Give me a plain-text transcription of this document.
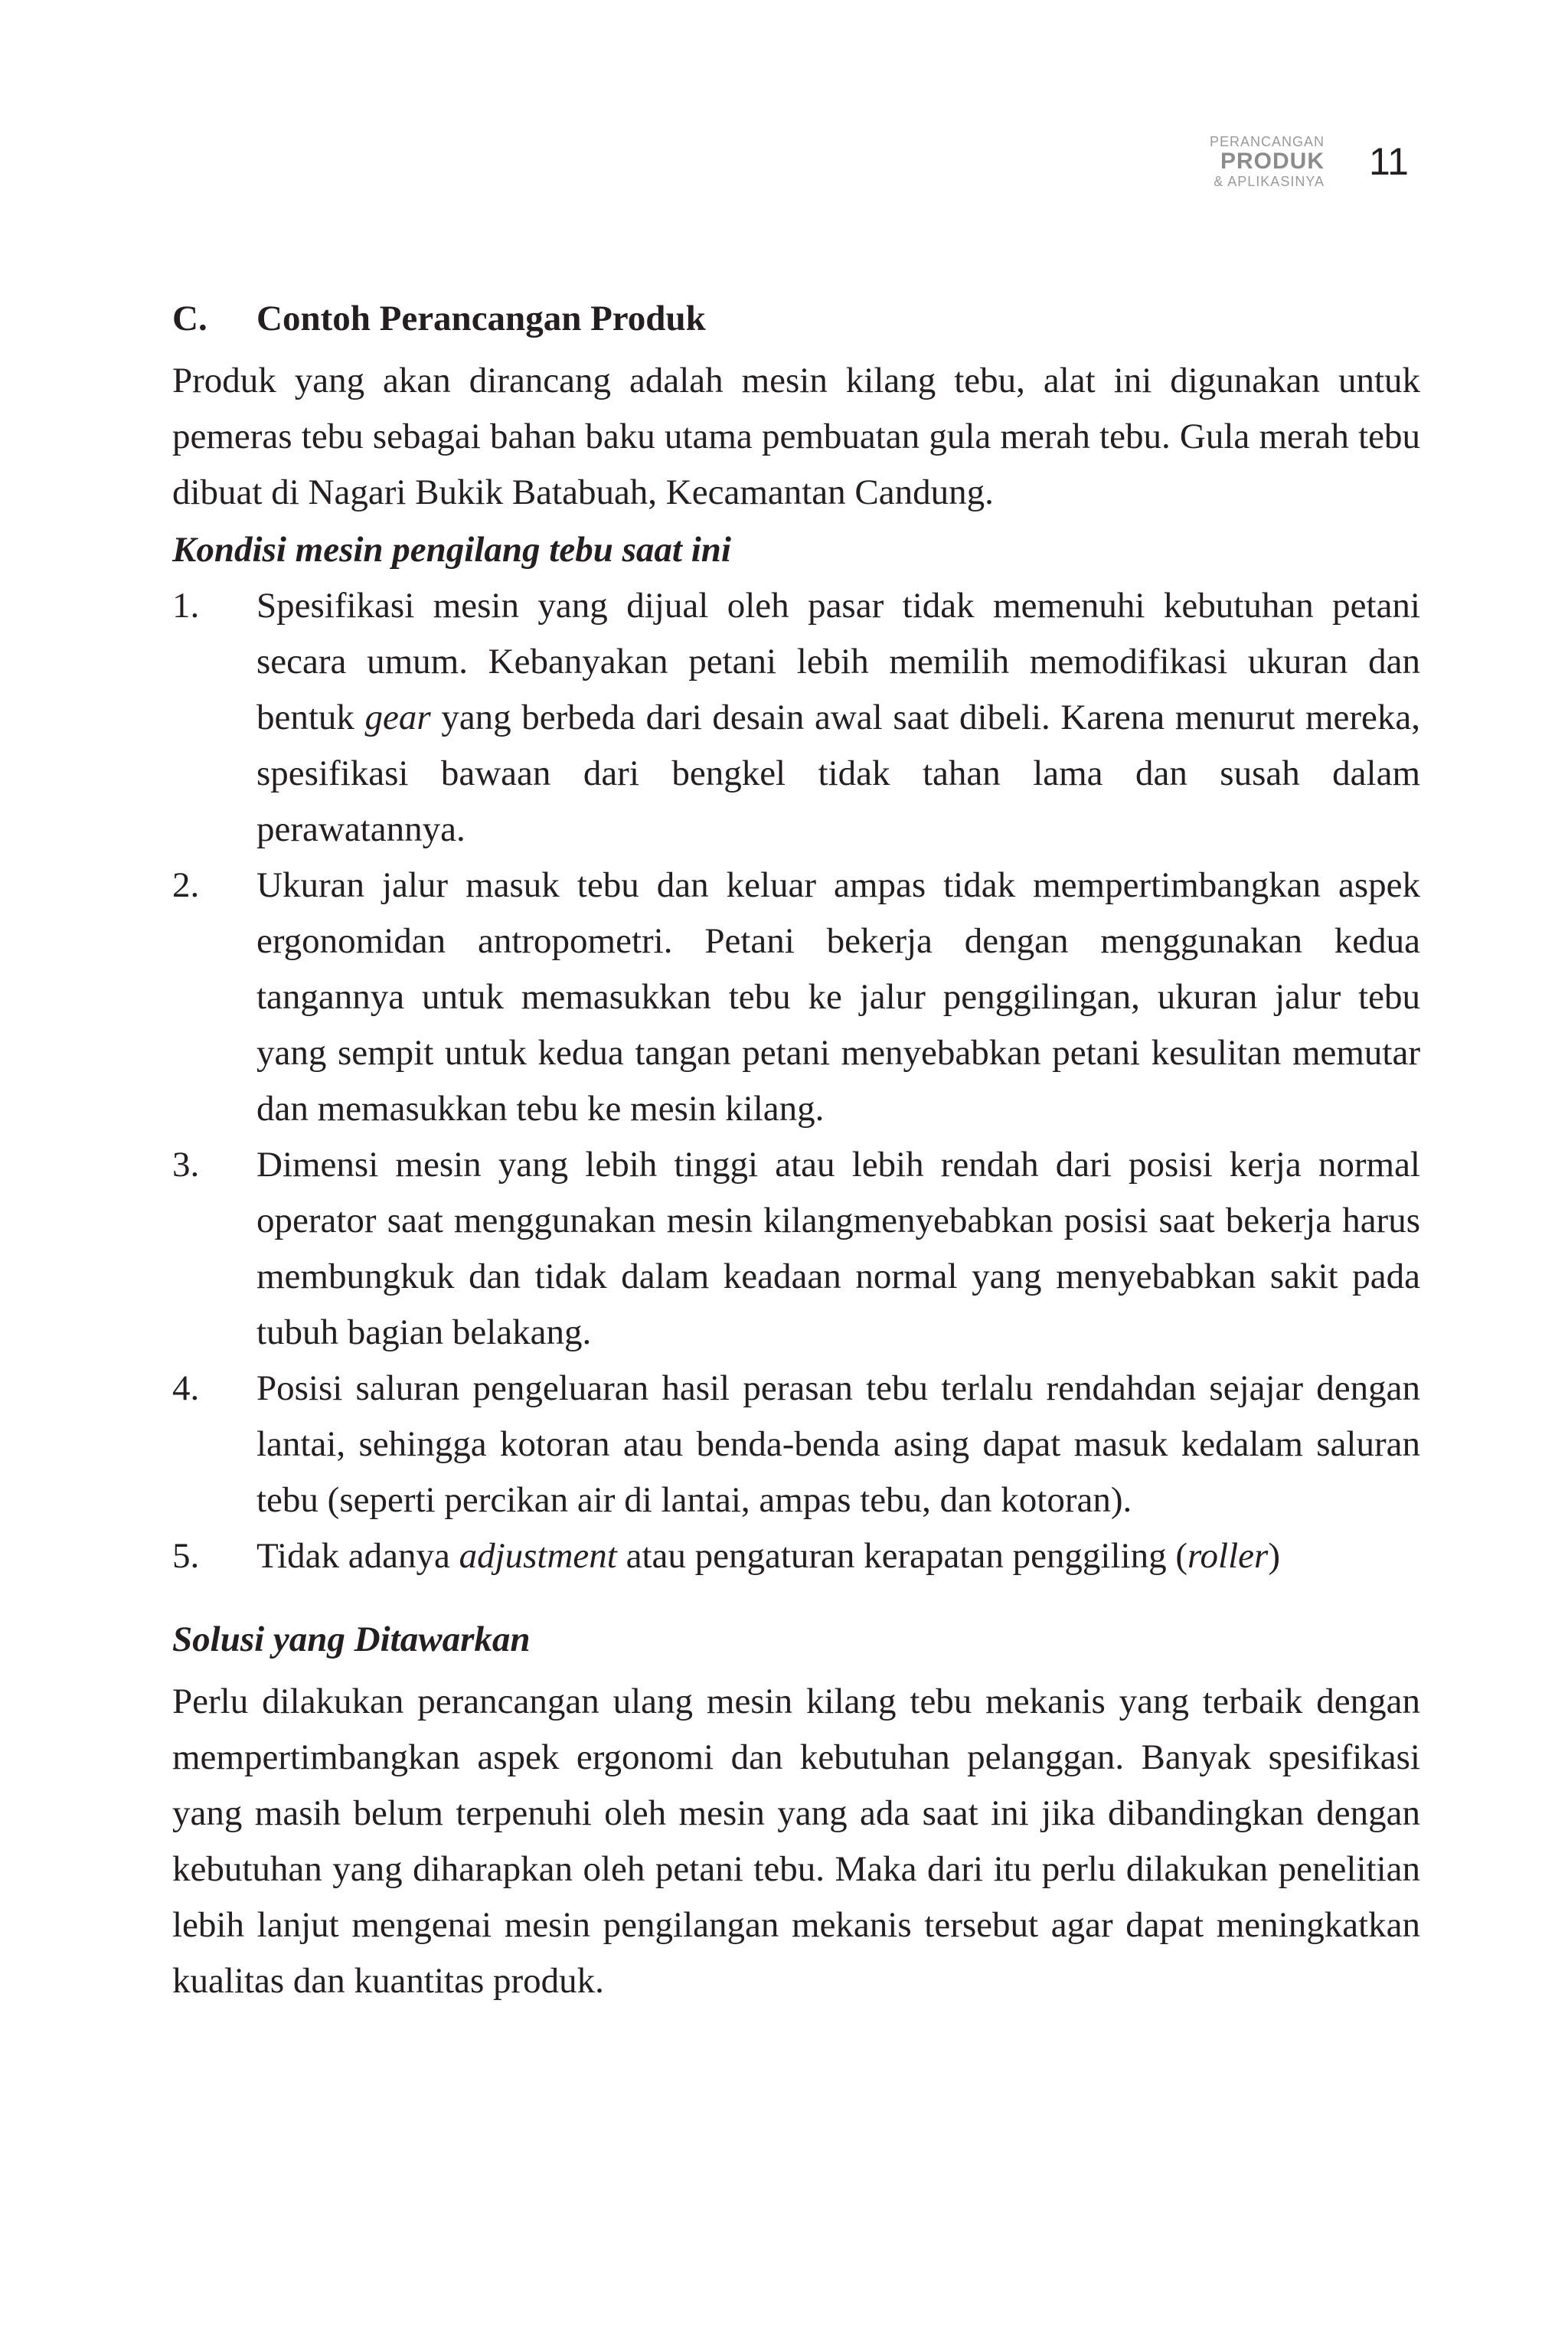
PERANCANGAN
PRODUK
& APLIKASINYA 11
C.	Contoh Perancangan Produk

Produk yang akan dirancang adalah mesin kilang tebu, alat ini digunakan untuk pemeras tebu sebagai bahan baku utama pembuatan gula merah tebu. Gula merah tebu dibuat di Nagari Bukik Batabuah, Kecamantan Candung.

Kondisi mesin pengilang tebu saat ini
1.	Spesifikasi mesin yang dijual oleh pasar tidak memenuhi kebutuhan petani secara umum. Kebanyakan petani lebih memilih memodifikasi ukuran dan bentuk gear yang berbeda dari desain awal saat dibeli. Karena menurut mereka, spesifikasi bawaan dari bengkel tidak tahan lama dan susah dalam perawatannya.
2.	Ukuran jalur masuk tebu dan keluar ampas tidak mempertimbangkan aspek ergonomidan antropometri. Petani bekerja dengan menggunakan kedua tangannya untuk memasukkan tebu ke jalur penggilingan, ukuran jalur tebu yang sempit untuk kedua tangan petani menyebabkan petani kesulitan memutar dan memasukkan tebu ke mesin kilang.
3.	Dimensi mesin yang lebih tinggi atau lebih rendah dari posisi kerja normal operator saat menggunakan mesin kilangmenyebabkan posisi saat bekerja harus membungkuk dan tidak dalam keadaan normal yang menyebabkan sakit pada tubuh bagian belakang.
4.	Posisi saluran pengeluaran hasil perasan tebu terlalu rendahdan sejajar dengan lantai, sehingga kotoran atau benda-benda asing dapat masuk kedalam saluran tebu (seperti percikan air di lantai, ampas tebu, dan kotoran).
5.	Tidak adanya adjustment atau pengaturan kerapatan penggiling (roller)
Solusi yang Ditawarkan

Perlu dilakukan perancangan ulang mesin kilang tebu mekanis yang terbaik dengan mempertimbangkan aspek ergonomi dan kebutuhan pelanggan. Banyak spesifikasi yang masih belum terpenuhi oleh mesin yang ada saat ini jika dibandingkan dengan kebutuhan yang diharapkan oleh petani tebu. Maka dari itu perlu dilakukan penelitian lebih lanjut mengenai mesin pengilangan mekanis tersebut agar dapat meningkatkan kualitas dan kuantitas produk.
